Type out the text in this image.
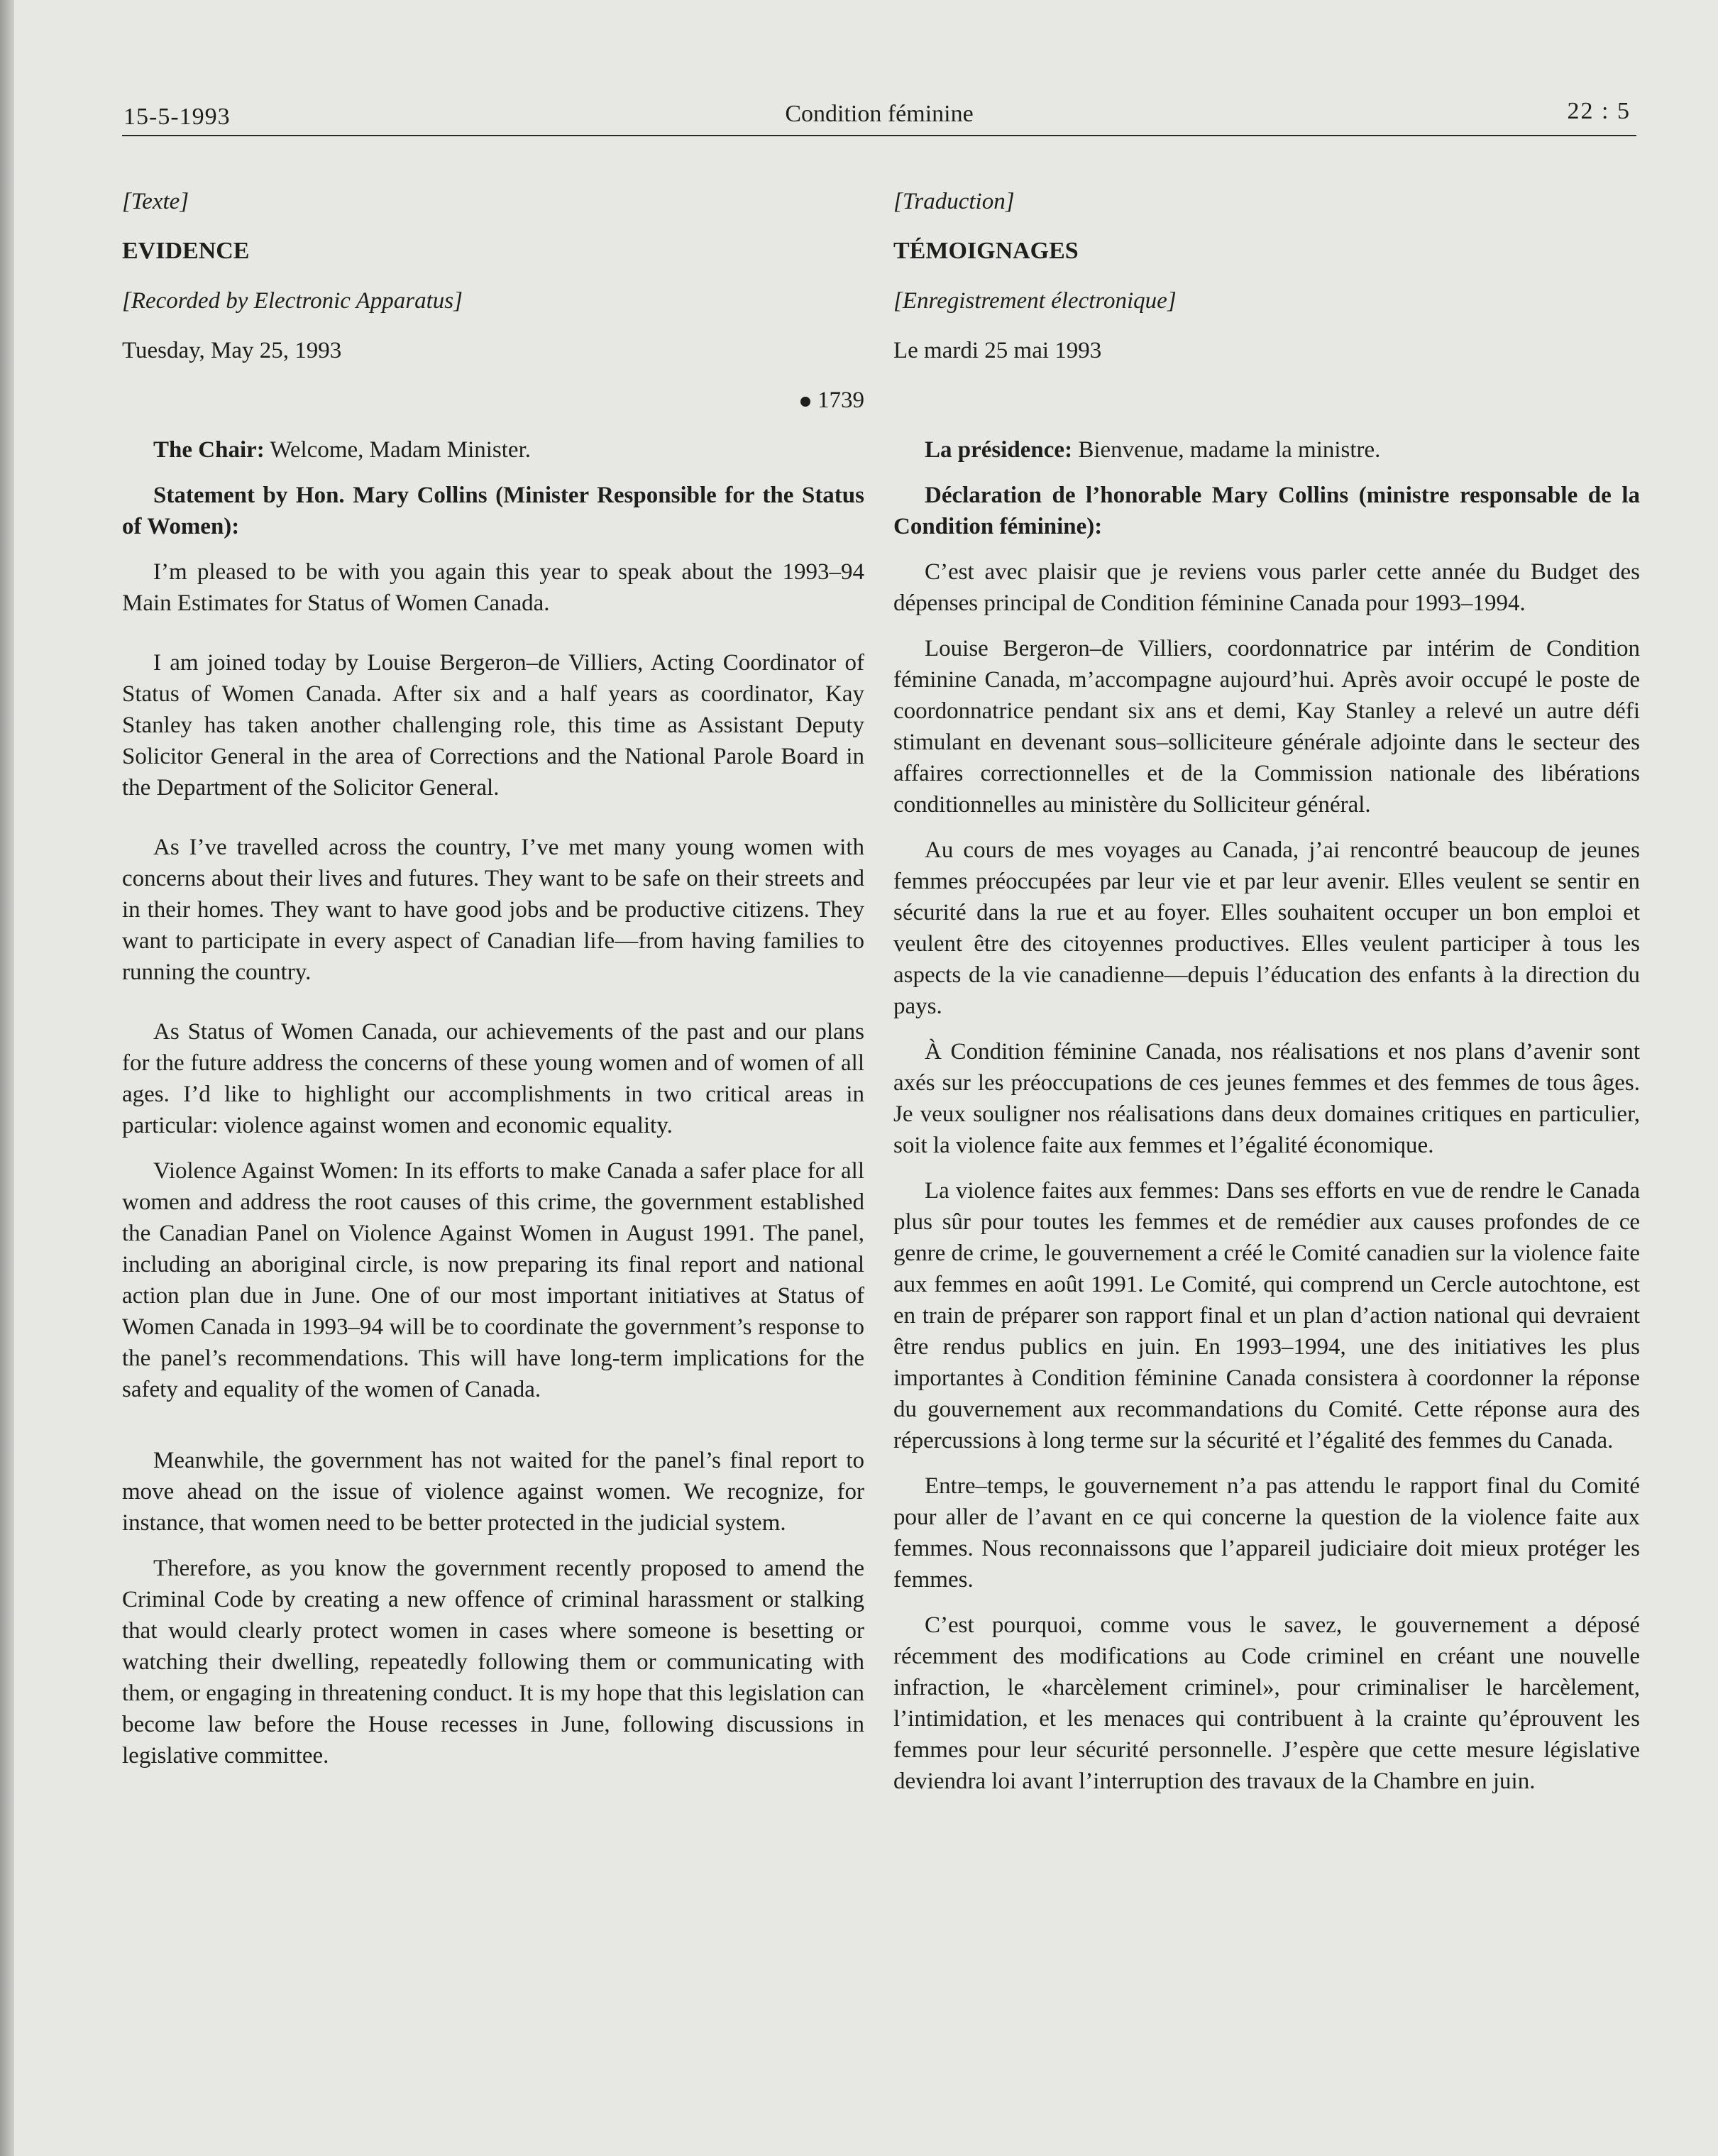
15-5-1993	Condition féminine	22 : 5

[Texte]

EVIDENCE

[Recorded by Electronic Apparatus]

Tuesday, May 25, 1993

1739

The Chair: Welcome, Madam Minister.

Statement by Hon. Mary Collins (Minister Responsible for the Status of Women):

I’m pleased to be with you again this year to speak about the 1993–94 Main Estimates for Status of Women Canada.

I am joined today by Louise Bergeron–de Villiers, Acting Coordinator of Status of Women Canada. After six and a half years as coordinator, Kay Stanley has taken another challenging role, this time as Assistant Deputy Solicitor General in the area of Corrections and the National Parole Board in the Department of the Solicitor General.

As I’ve travelled across the country, I’ve met many young women with concerns about their lives and futures. They want to be safe on their streets and in their homes. They want to have good jobs and be productive citizens. They want to participate in every aspect of Canadian life—from having families to running the country.

As Status of Women Canada, our achievements of the past and our plans for the future address the concerns of these young women and of women of all ages. I’d like to highlight our accomplishments in two critical areas in particular: violence against women and economic equality.

Violence Against Women: In its efforts to make Canada a safer place for all women and address the root causes of this crime, the government established the Canadian Panel on Violence Against Women in August 1991. The panel, including an aboriginal circle, is now preparing its final report and national action plan due in June. One of our most important initiatives at Status of Women Canada in 1993–94 will be to coordinate the government’s response to the panel’s recommendations. This will have long-term implications for the safety and equality of the women of Canada.

Meanwhile, the government has not waited for the panel’s final report to move ahead on the issue of violence against women. We recognize, for instance, that women need to be better protected in the judicial system.

Therefore, as you know the government recently proposed to amend the Criminal Code by creating a new offence of criminal harassment or stalking that would clearly protect women in cases where someone is besetting or watching their dwelling, repeatedly following them or communicating with them, or engaging in threatening conduct. It is my hope that this legislation can become law before the House recesses in June, following discussions in legislative committee.

[Traduction]

TÉMOIGNAGES

[Enregistrement électronique]

Le mardi 25 mai 1993

La présidence: Bienvenue, madame la ministre.

Déclaration de l’honorable Mary Collins (ministre responsable de la Condition féminine):

C’est avec plaisir que je reviens vous parler cette année du Budget des dépenses principal de Condition féminine Canada pour 1993–1994.

Louise Bergeron–de Villiers, coordonnatrice par intérim de Condition féminine Canada, m’accompagne aujourd’hui. Après avoir occupé le poste de coordonnatrice pendant six ans et demi, Kay Stanley a relevé un autre défi stimulant en devenant sous–solliciteure générale adjointe dans le secteur des affaires correctionnelles et de la Commission nationale des libérations conditionnelles au ministère du Solliciteur général.

Au cours de mes voyages au Canada, j’ai rencontré beaucoup de jeunes femmes préoccupées par leur vie et par leur avenir. Elles veulent se sentir en sécurité dans la rue et au foyer. Elles souhaitent occuper un bon emploi et veulent être des citoyennes productives. Elles veulent participer à tous les aspects de la vie canadienne—depuis l’éducation des enfants à la direction du pays.

À Condition féminine Canada, nos réalisations et nos plans d’avenir sont axés sur les préoccupations de ces jeunes femmes et des femmes de tous âges. Je veux souligner nos réalisations dans deux domaines critiques en particulier, soit la violence faite aux femmes et l’égalité économique.

La violence faites aux femmes: Dans ses efforts en vue de rendre le Canada plus sûr pour toutes les femmes et de remédier aux causes profondes de ce genre de crime, le gouvernement a créé le Comité canadien sur la violence faite aux femmes en août 1991. Le Comité, qui comprend un Cercle autochtone, est en train de préparer son rapport final et un plan d’action national qui devraient être rendus publics en juin. En 1993–1994, une des initiatives les plus importantes à Condition féminine Canada consistera à coordonner la réponse du gouvernement aux recommandations du Comité. Cette réponse aura des répercussions à long terme sur la sécurité et l’égalité des femmes du Canada.

Entre–temps, le gouvernement n’a pas attendu le rapport final du Comité pour aller de l’avant en ce qui concerne la question de la violence faite aux femmes. Nous reconnaissons que l’appareil judiciaire doit mieux protéger les femmes.

C’est pourquoi, comme vous le savez, le gouvernement a déposé récemment des modifications au Code criminel en créant une nouvelle infraction, le «harcèlement criminel», pour criminaliser le harcèlement, l’intimidation, et les menaces qui contribuent à la crainte qu’éprouvent les femmes pour leur sécurité personnelle. J’espère que cette mesure législative deviendra loi avant l’interruption des travaux de la Chambre en juin.
